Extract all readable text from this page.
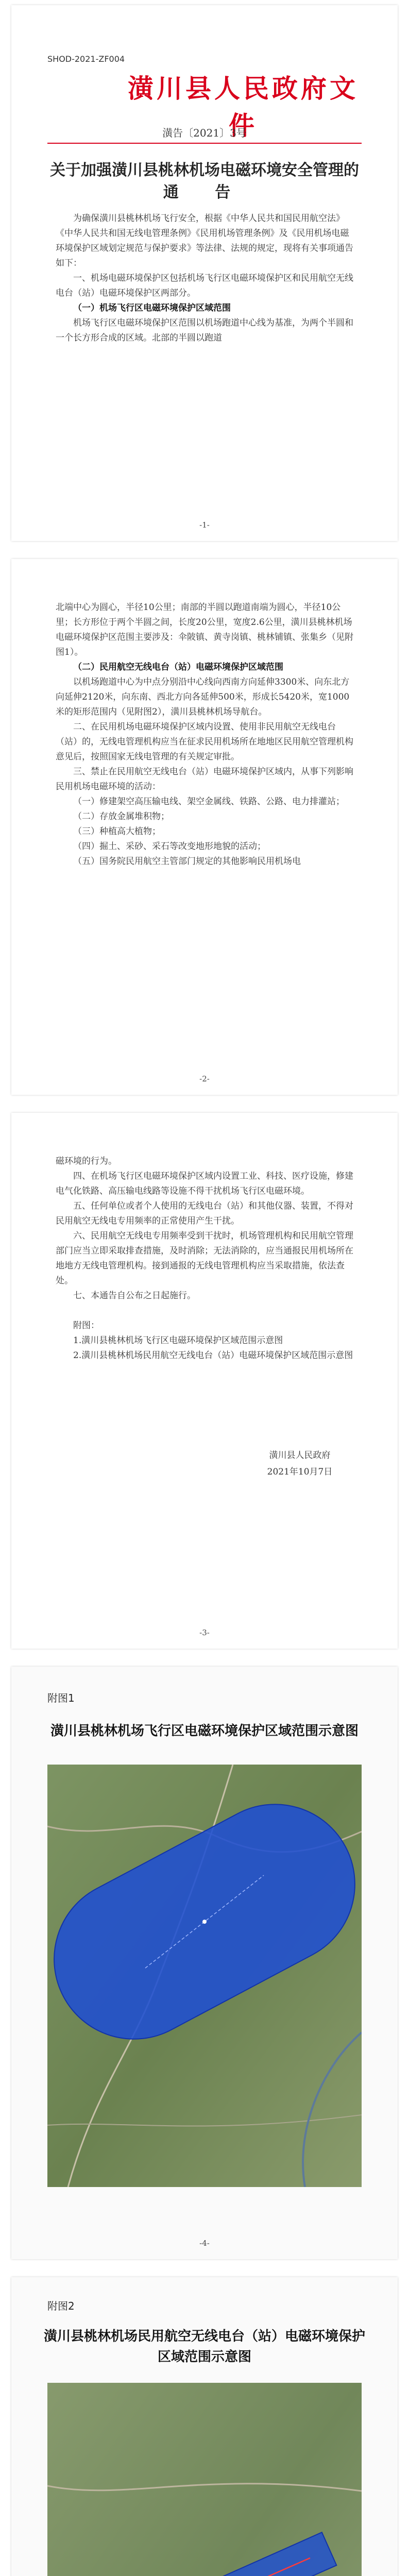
SHOD-2021-ZF004
潢川县人民政府文件
潢告〔2021〕3号
关于加强潢川县桃林机场电磁环境安全管理的
通 告

为确保潢川县桃林机场飞行安全，根据《中华人民共和国民用航空法》《中华人民共和国无线电管理条例》《民用机场管理条例》及《民用机场电磁环境保护区域划定规范与保护要求》等法律、法规的规定，现将有关事项通告如下：

一、机场电磁环境保护区包括机场飞行区电磁环境保护区和民用航空无线电台（站）电磁环境保护区两部分。

（一）机场飞行区电磁环境保护区域范围

机场飞行区电磁环境保护区范围以机场跑道中心线为基准，为两个半圆和一个长方形合成的区域。北部的半圆以跑道

-1-

北端中心为圆心，半径10公里；南部的半圆以跑道南端为圆心，半径10公里；长方形位于两个半圆之间，长度20公里，宽度2.6公里，潢川县桃林机场电磁环境保护区范围主要涉及：伞陂镇、黄寺岗镇、桃林铺镇、张集乡（见附图1）。

（二）民用航空无线电台（站）电磁环境保护区域范围

以机场跑道中心为中点分别沿中心线向西南方向延伸3300米、向东北方向延伸2120米，向东南、西北方向各延伸500米，形成长5420米，宽1000米的矩形范围内（见附图2），潢川县桃林机场导航台。

二、在民用机场电磁环境保护区域内设置、使用非民用航空无线电台（站）的，无线电管理机构应当在征求民用机场所在地地区民用航空管理机构意见后，按照国家无线电管理的有关规定审批。

三、禁止在民用航空无线电台（站）电磁环境保护区域内，从事下列影响民用机场电磁环境的活动：

（一）修建架空高压输电线、架空金属线、铁路、公路、电力排灌站；

（二）存放金属堆积物；

（三）种植高大植物；

（四）掘土、采砂、采石等改变地形地貌的活动；

（五）国务院民用航空主管部门规定的其他影响民用机场电

-2-

磁环境的行为。

四、在机场飞行区电磁环境保护区域内设置工业、科技、医疗设施，修建电气化铁路、高压输电线路等设施不得干扰机场飞行区电磁环境。

五、任何单位或者个人使用的无线电台（站）和其他仪器、装置，不得对民用航空无线电专用频率的正常使用产生干扰。

六、民用航空无线电专用频率受到干扰时，机场管理机构和民用航空管理部门应当立即采取排查措施，及时消除；无法消除的，应当通报民用机场所在地地方无线电管理机构。接到通报的无线电管理机构应当采取措施，依法查处。

七、本通告自公布之日起施行。

附图：

1.潢川县桃林机场飞行区电磁环境保护区域范围示意图

2.潢川县桃林机场民用航空无线电台（站）电磁环境保护区域范围示意图

潢川县人民政府
2021年10月7日
-3-
附图1
潢川县桃林机场飞行区电磁环境保护区域范围示意图
-4-
附图2
潢川县桃林机场民用航空无线电台（站）电磁环境保护
区域范围示意图
